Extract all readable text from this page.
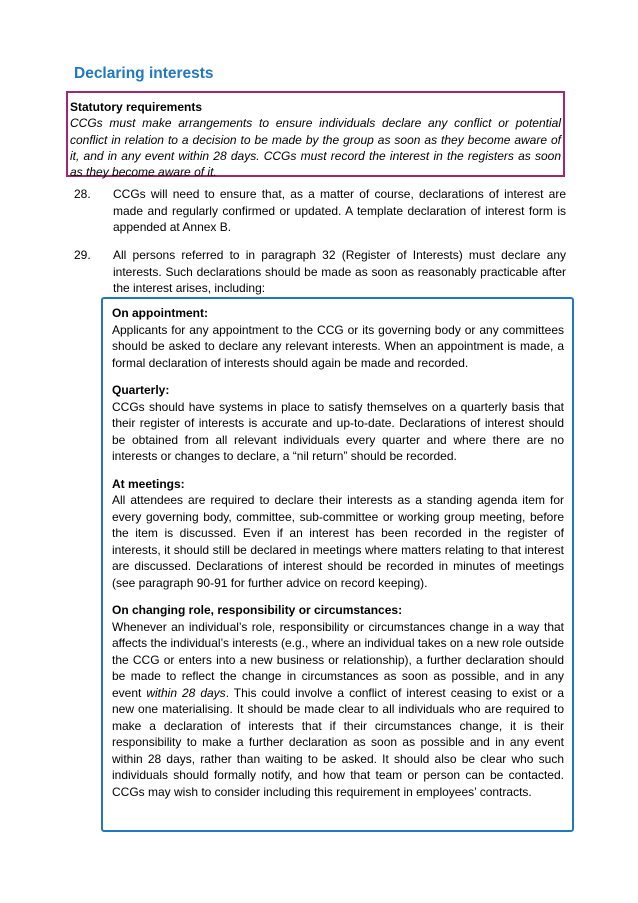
Declaring interests
Statutory requirements
CCGs must make arrangements to ensure individuals declare any conflict or potential conflict in relation to a decision to be made by the group as soon as they become aware of it, and in any event within 28 days. CCGs must record the interest in the registers as soon as they become aware of it.
28. CCGs will need to ensure that, as a matter of course, declarations of interest are made and regularly confirmed or updated. A template declaration of interest form is appended at Annex B.
29. All persons referred to in paragraph 32 (Register of Interests) must declare any interests. Such declarations should be made as soon as reasonably practicable after the interest arises, including:
On appointment:
Applicants for any appointment to the CCG or its governing body or any committees should be asked to declare any relevant interests. When an appointment is made, a formal declaration of interests should again be made and recorded.
Quarterly:
CCGs should have systems in place to satisfy themselves on a quarterly basis that their register of interests is accurate and up-to-date. Declarations of interest should be obtained from all relevant individuals every quarter and where there are no interests or changes to declare, a “nil return” should be recorded.
At meetings:
All attendees are required to declare their interests as a standing agenda item for every governing body, committee, sub-committee or working group meeting, before the item is discussed. Even if an interest has been recorded in the register of interests, it should still be declared in meetings where matters relating to that interest are discussed. Declarations of interest should be recorded in minutes of meetings (see paragraph 90-91 for further advice on record keeping).
On changing role, responsibility or circumstances:
Whenever an individual’s role, responsibility or circumstances change in a way that affects the individual’s interests (e.g., where an individual takes on a new role outside the CCG or enters into a new business or relationship), a further declaration should be made to reflect the change in circumstances as soon as possible, and in any event within 28 days. This could involve a conflict of interest ceasing to exist or a new one materialising. It should be made clear to all individuals who are required to make a declaration of interests that if their circumstances change, it is their responsibility to make a further declaration as soon as possible and in any event within 28 days, rather than waiting to be asked. It should also be clear who such individuals should formally notify, and how that team or person can be contacted. CCGs may wish to consider including this requirement in employees’ contracts.
